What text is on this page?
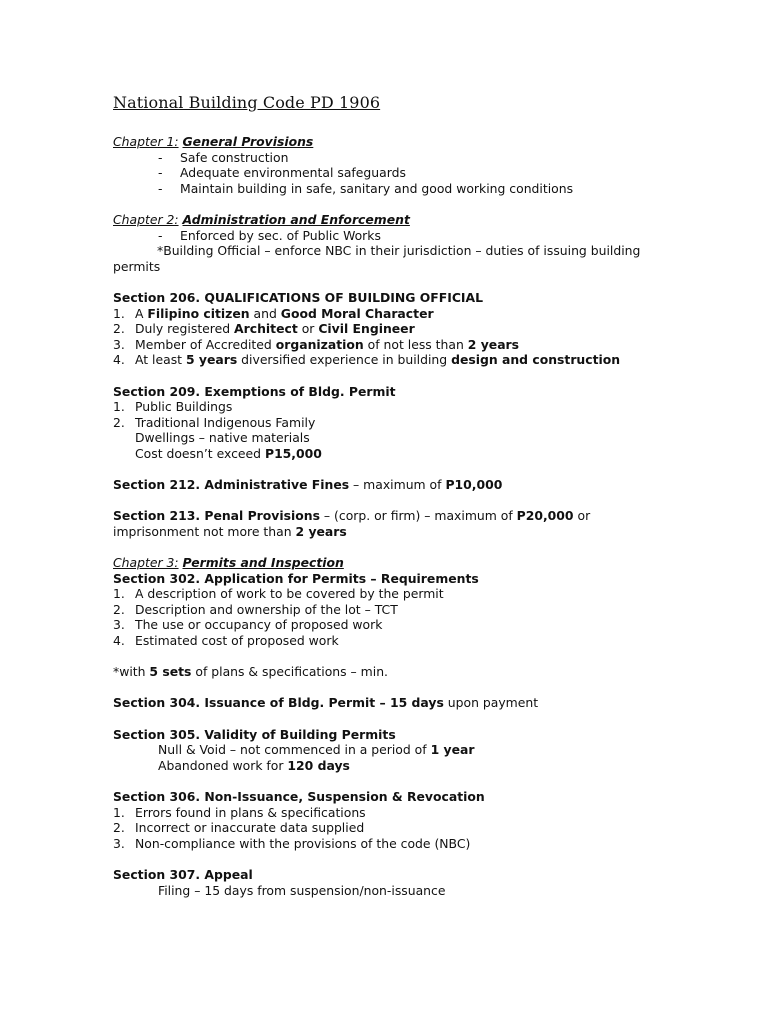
National Building Code PD 1906
Chapter 1: General Provisions
- Safe construction
- Adequate environmental safeguards
- Maintain building in safe, sanitary and good working conditions
Chapter 2: Administration and Enforcement
- Enforced by sec. of Public Works
*Building Official – enforce NBC in their jurisdiction – duties of issuing building
permits
Section 206. QUALIFICATIONS OF BUILDING OFFICIAL
1. A Filipino citizen and Good Moral Character
2. Duly registered Architect or Civil Engineer
3. Member of Accredited organization of not less than 2 years
4. At least 5 years diversified experience in building design and construction
Section 209. Exemptions of Bldg. Permit
1. Public Buildings
2. Traditional Indigenous Family
Dwellings – native materials
Cost doesn’t exceed P15,000
Section 212. Administrative Fines – maximum of P10,000
Section 213. Penal Provisions – (corp. or firm) – maximum of P20,000 or
imprisonment not more than 2 years
Chapter 3: Permits and Inspection
Section 302. Application for Permits – Requirements
1. A description of work to be covered by the permit
2. Description and ownership of the lot – TCT
3. The use or occupancy of proposed work
4. Estimated cost of proposed work
*with 5 sets of plans & specifications – min.
Section 304. Issuance of Bldg. Permit – 15 days upon payment
Section 305. Validity of Building Permits
Null & Void – not commenced in a period of 1 year
Abandoned work for 120 days
Section 306. Non-Issuance, Suspension & Revocation
1. Errors found in plans & specifications
2. Incorrect or inaccurate data supplied
3. Non-compliance with the provisions of the code (NBC)
Section 307. Appeal
Filing – 15 days from suspension/non-issuance
